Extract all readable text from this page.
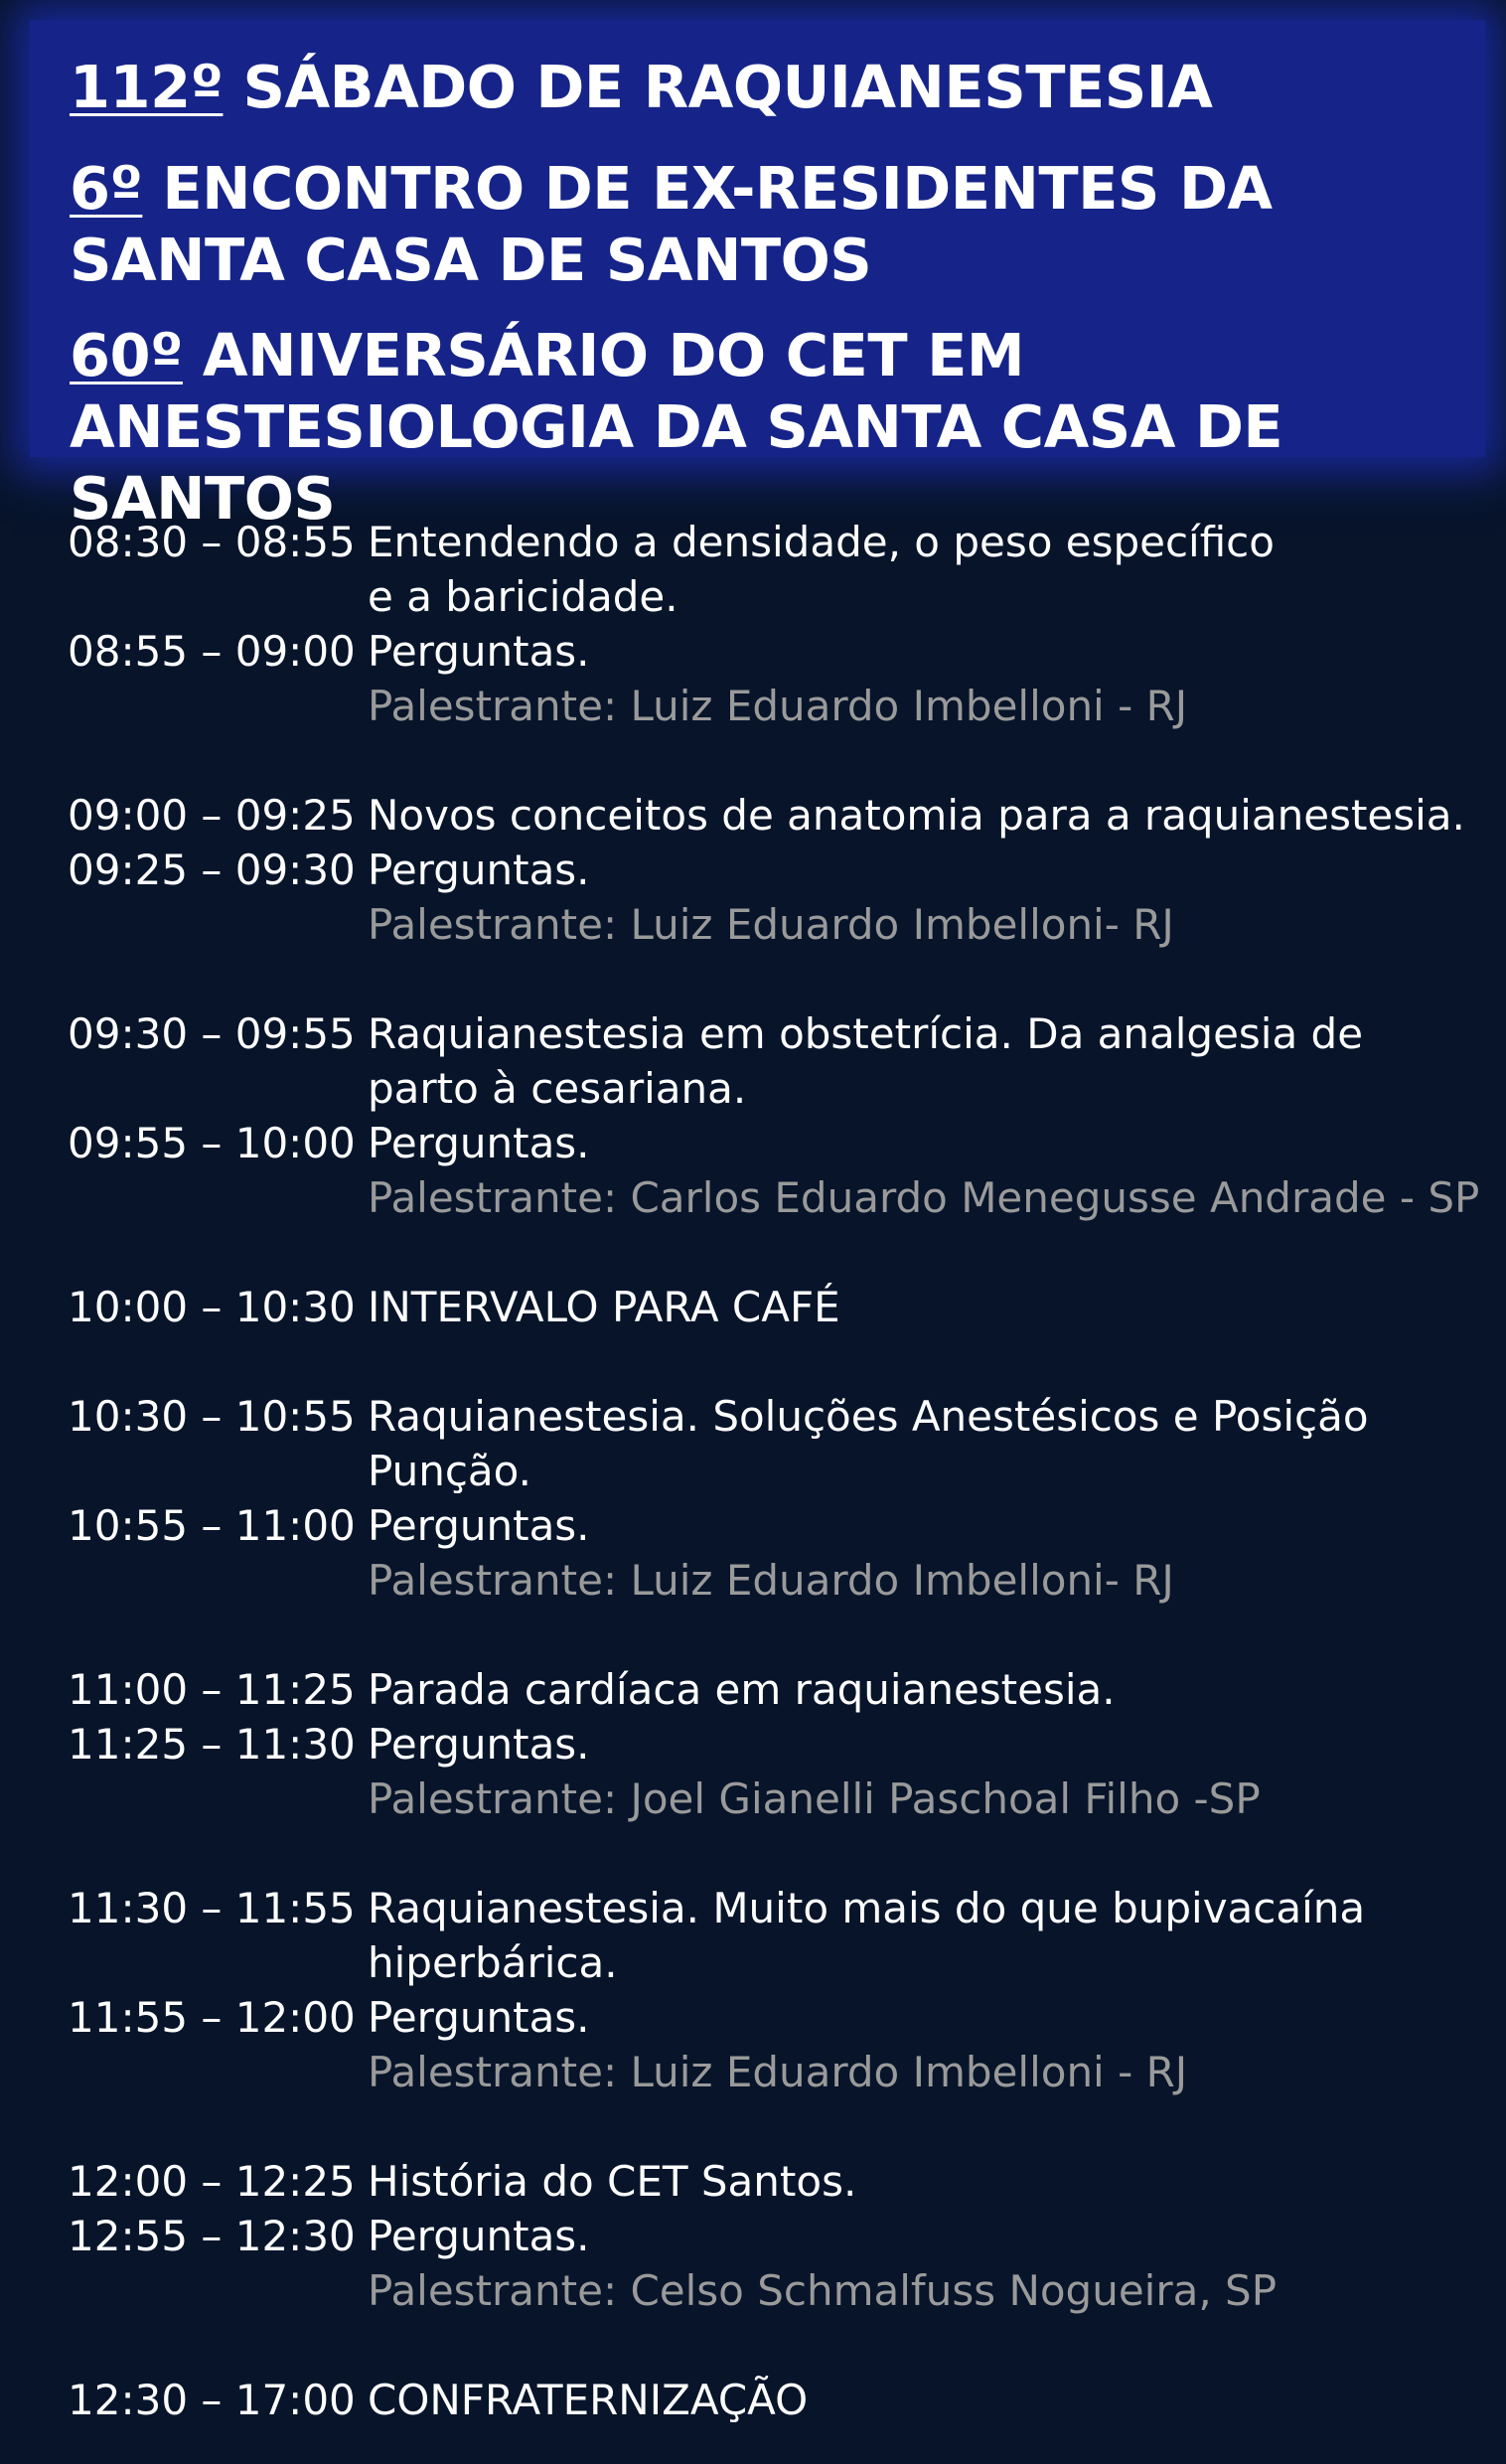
112º SÁBADO DE RAQUIANESTESIA
6º ENCONTRO DE EX-RESIDENTES DA SANTA CASA DE SANTOS
60º ANIVERSÁRIO DO CET EM ANESTESIOLOGIA DA SANTA CASA DE SANTOS
08:30 – 08:55 Entendendo a densidade, o peso específico
e a baricidade.
08:55 – 09:00 Perguntas.
Palestrante: Luiz Eduardo Imbelloni - RJ
09:00 – 09:25 Novos conceitos de anatomia para a raquianestesia.
09:25 – 09:30 Perguntas.
Palestrante: Luiz Eduardo Imbelloni- RJ
09:30 – 09:55 Raquianestesia em obstetrícia. Da analgesia de
parto à cesariana.
09:55 – 10:00 Perguntas.
Palestrante: Carlos Eduardo Menegusse Andrade - SP
10:00 – 10:30 INTERVALO PARA CAFÉ
10:30 – 10:55 Raquianestesia. Soluções Anestésicos e Posição
Punção.
10:55 – 11:00 Perguntas.
Palestrante: Luiz Eduardo Imbelloni- RJ
11:00 – 11:25 Parada cardíaca em raquianestesia.
11:25 – 11:30 Perguntas.
Palestrante: Joel Gianelli Paschoal Filho -SP
11:30 – 11:55 Raquianestesia. Muito mais do que bupivacaína
hiperbárica.
11:55 – 12:00 Perguntas.
Palestrante: Luiz Eduardo Imbelloni - RJ
12:00 – 12:25 História do CET Santos.
12:55 – 12:30 Perguntas.
Palestrante: Celso Schmalfuss Nogueira, SP
12:30 – 17:00 CONFRATERNIZAÇÃO
